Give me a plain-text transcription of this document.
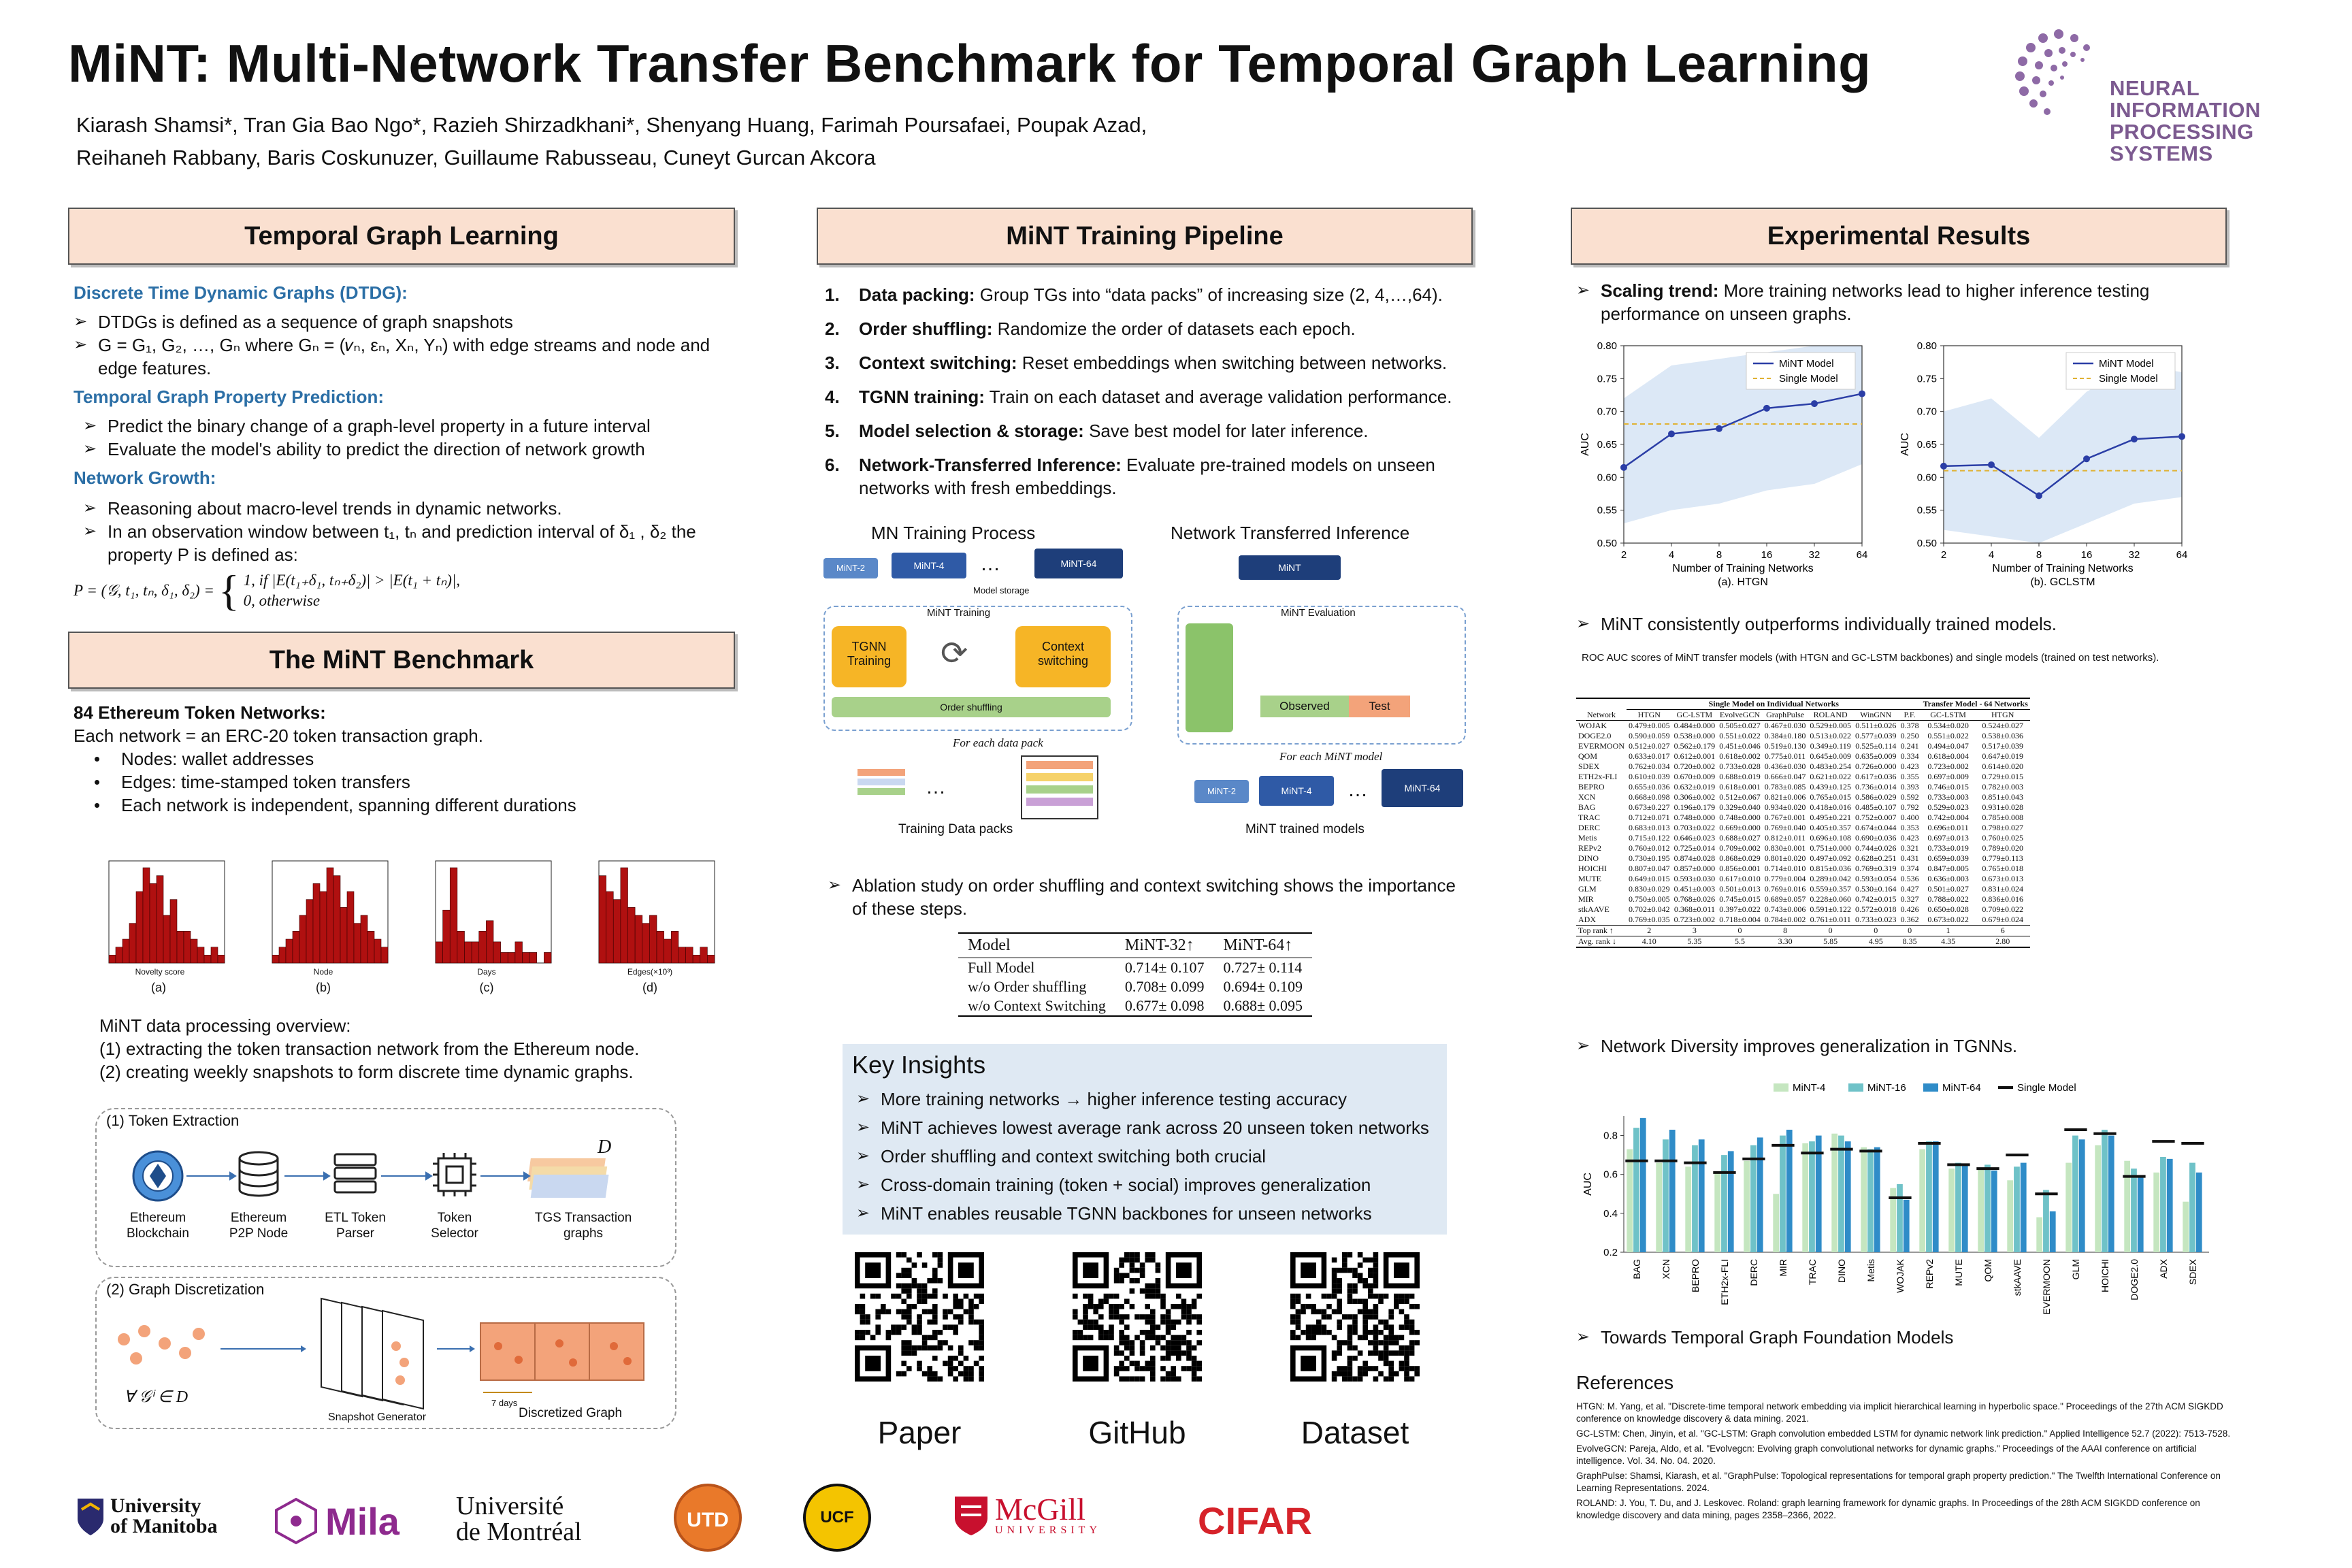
MiNT: Multi-Network Transfer Benchmark for Temporal Graph Learning
Kiarash Shamsi*, Tran Gia Bao Ngo*, Razieh Shirzadkhani*, Shenyang Huang, Farimah Poursafaei, Poupak Azad,
Reihaneh Rabbany, Baris Coskunuzer, Guillaume Rabusseau, Cuneyt Gurcan Akcora
NEURAL INFORMATION
PROCESSING SYSTEMS
Temporal Graph Learning
Discrete Time Dynamic Graphs (DTDG):
➢ DTDGs is defined as a sequence of graph snapshots
➢ G = G₁, G₂, …, Gₙ where Gₙ = (𝑣ₙ, εₙ, Xₙ, Yₙ) with edge streams and node and edge features.
Temporal Graph Property Prediction:
➢ Predict the binary change of a graph-level property in a future interval
➢ Evaluate the model's ability to predict the direction of network growth
Network Growth:
➢ Reasoning about macro-level trends in dynamic networks.
➢ In an observation window between t₁, tₙ and prediction interval of δ₁ , δ₂ the property P is defined as:
P = (𝒢, t₁, tₙ, δ₁, δ₂) = { 1, if |E(t₁₊δ₁, tₙ₊δ₂)| > |E(t₁ + tₙ)|,
0, otherwise
The MiNT Benchmark
84 Ethereum Token Networks:
Each network = an ERC-20 token transaction graph.
• Nodes: wallet addresses
• Edges: time-stamped token transfers
• Each network is independent, spanning different durations
(a)	(b)	(c)	(d)
Novelty score	Node	Days	Edges(×10³)
MiNT data processing overview:
(1) extracting the token transaction network from the Ethereum node.
(2) creating weekly snapshots to form discrete time dynamic graphs.
(1) Token Extraction
D
Ethereum Blockchain
Ethereum P2P Node
ETL Token Parser
Token Selector
TGS Transaction graphs
(2) Graph Discretization
∀ 𝒢ⁱ ∈ D
Snapshot Generator
7 days
Discretized Graph
MiNT Training Pipeline
1.	Data packing: Group TGs into “data packs” of increasing size (2, 4,…,64).
2.	Order shuffling: Randomize the order of datasets each epoch.
3.	Context switching: Reset embeddings when switching between networks.
4.	TGNN training: Train on each dataset and average validation performance.
5.	Model selection & storage: Save best model for later inference.
6.	Network-Transferred Inference: Evaluate pre-trained models on unseen networks with fresh embeddings.
MN Training Process	Network Transferred Inference
MiNT-2	MiNT-4	…	MiNT-64
Model storage
MiNT Training
TGNN Training	⟳	Context switching
Order shuffling
For each data pack
…
Training Data packs
MiNT
MiNT Evaluation
Observed	Test
For each MiNT model
MiNT-2	MiNT-4	…	MiNT-64
MiNT trained models
➢ Ablation study on order shuffling and context switching shows the importance of these steps.
Model	MiNT-32↑	MiNT-64↑
Full Model	0.714± 0.107	0.727± 0.114
w/o Order shuffling	0.708± 0.099	0.694± 0.109
w/o Context Switching	0.677± 0.098	0.688± 0.095
Key Insights
➢ More training networks → higher inference testing accuracy
➢ MiNT achieves lowest average rank across 20 unseen token networks
➢ Order shuffling and context switching both crucial
➢ Cross-domain training (token + social) improves generalization
➢ MiNT enables reusable TGNN backbones for unseen networks
Paper	GitHub	Dataset
University of Manitoba	Mila Université
de Montréal	UTD	UCF	McGill
UNIVERSITY	CIFAR
Experimental Results
➢ Scaling trend: More training networks lead to higher inference testing performance on unseen graphs.
0.50
0.55
0.60
0.65
0.70
0.75
0.80
2	4	8	16	32	64
Number of Training Networks
(a). HTGN
AUC
MiNT Model
Single Model
0.50
0.55
0.60
0.65
0.70
0.75
0.80
2	4	8	16	32	64
Number of Training Networks
(b). GCLSTM
AUC
MiNT Model
Single Model
➢ MiNT consistently outperforms individually trained models.
ROC AUC scores of MiNT transfer models (with HTGN and GC-LSTM backbones) and single models (trained on test networks).
	Single Model on Individual Networks							Transfer Model - 64 Networks	
Network	HTGN	GC-LSTM	EvolveGCN	GraphPulse	ROLAND	WinGNN	P.F.	GC-LSTM	HTGN
WOJAK	0.479±0.005	0.484±0.000	0.505±0.027	0.467±0.030	0.529±0.005	0.511±0.026	0.378	0.534±0.020	0.524±0.027
DOGE2.0	0.590±0.059	0.538±0.000	0.551±0.022	0.384±0.180	0.513±0.022	0.577±0.039	0.250	0.551±0.022	0.538±0.036
EVERMOON	0.512±0.027	0.562±0.179	0.451±0.046	0.519±0.130	0.349±0.119	0.525±0.114	0.241	0.494±0.047	0.517±0.039
QOM	0.633±0.017	0.612±0.001	0.618±0.002	0.775±0.011	0.645±0.009	0.635±0.009	0.334	0.618±0.004	0.647±0.019
SDEX	0.762±0.034	0.720±0.002	0.733±0.028	0.436±0.030	0.483±0.254	0.726±0.000	0.423	0.723±0.002	0.614±0.020
ETH2x-FLI	0.610±0.039	0.670±0.009	0.688±0.019	0.666±0.047	0.621±0.022	0.617±0.036	0.355	0.697±0.009	0.729±0.015
BEPRO	0.655±0.036	0.632±0.019	0.618±0.001	0.783±0.085	0.439±0.125	0.736±0.014	0.393	0.746±0.015	0.782±0.003
XCN	0.668±0.098	0.306±0.002	0.512±0.067	0.821±0.006	0.765±0.015	0.586±0.029	0.592	0.733±0.003	0.851±0.043
BAG	0.673±0.227	0.196±0.179	0.329±0.040	0.934±0.020	0.418±0.016	0.485±0.107	0.792	0.529±0.023	0.931±0.028
TRAC	0.712±0.071	0.748±0.000	0.748±0.000	0.767±0.001	0.495±0.221	0.752±0.007	0.400	0.742±0.004	0.785±0.008
DERC	0.683±0.013	0.703±0.022	0.669±0.000	0.769±0.040	0.405±0.357	0.674±0.044	0.353	0.696±0.011	0.798±0.027
Metis	0.715±0.122	0.646±0.023	0.688±0.027	0.812±0.011	0.696±0.108	0.690±0.036	0.423	0.697±0.013	0.760±0.025
REPv2	0.760±0.012	0.725±0.014	0.709±0.002	0.830±0.001	0.751±0.000	0.744±0.026	0.321	0.733±0.019	0.789±0.020
DINO	0.730±0.195	0.874±0.028	0.868±0.029	0.801±0.020	0.497±0.092	0.628±0.251	0.431	0.659±0.039	0.779±0.113
HOICHI	0.807±0.047	0.857±0.000	0.856±0.001	0.714±0.010	0.815±0.036	0.769±0.319	0.374	0.847±0.005	0.765±0.018
MUTE	0.649±0.015	0.593±0.030	0.617±0.010	0.779±0.004	0.289±0.042	0.593±0.054	0.536	0.636±0.003	0.673±0.013
GLM	0.830±0.029	0.451±0.003	0.501±0.013	0.769±0.016	0.559±0.357	0.530±0.164	0.427	0.501±0.027	0.831±0.024
MIR	0.750±0.005	0.768±0.026	0.745±0.015	0.689±0.057	0.228±0.060	0.742±0.015	0.327	0.788±0.022	0.836±0.016
stkAAVE	0.702±0.042	0.368±0.011	0.397±0.022	0.743±0.006	0.591±0.122	0.572±0.018	0.426	0.650±0.028	0.709±0.022
ADX	0.769±0.035	0.723±0.002	0.718±0.004	0.784±0.002	0.761±0.011	0.733±0.023	0.362	0.673±0.022	0.679±0.024
Top rank ↑	2	3	0	8	0	0	0	1	6
Avg. rank ↓	4.10	5.35	5.5	3.30	5.85	4.95	8.35	4.35	2.80
➢ Network Diversity improves generalization in TGNNs.
0.2
0.4
0.6
0.8
AUC
BAG XCN BEPRO ETH2x-FLI DERC MIR TRAC DINO Metis WOJAK REPv2 MUTE QOM stkAAVE EVERMOON GLM HOICHI DOGE2.0 ADX SDEX
MiNT-4	MiNT-16	MiNT-64	Single Model
➢ Towards Temporal Graph Foundation Models
References
HTGN: M. Yang, et al. "Discrete-time temporal network embedding via implicit hierarchical learning in hyperbolic space." Proceedings of the 27th ACM SIGKDD conference on knowledge discovery & data mining. 2021.
GC-LSTM: Chen, Jinyin, et al. "GC-LSTM: Graph convolution embedded LSTM for dynamic network link prediction." Applied Intelligence 52.7 (2022): 7513-7528.
EvolveGCN: Pareja, Aldo, et al. "Evolvegcn: Evolving graph convolutional networks for dynamic graphs." Proceedings of the AAAI conference on artificial intelligence. Vol. 34. No. 04. 2020.
GraphPulse: Shamsi, Kiarash, et al. "GraphPulse: Topological representations for temporal graph property prediction." The Twelfth International Conference on Learning Representations. 2024.
ROLAND: J. You, T. Du, and J. Leskovec. Roland: graph learning framework for dynamic graphs. In Proceedings of the 28th ACM SIGKDD conference on knowledge discovery and data mining, pages 2358–2366, 2022.
